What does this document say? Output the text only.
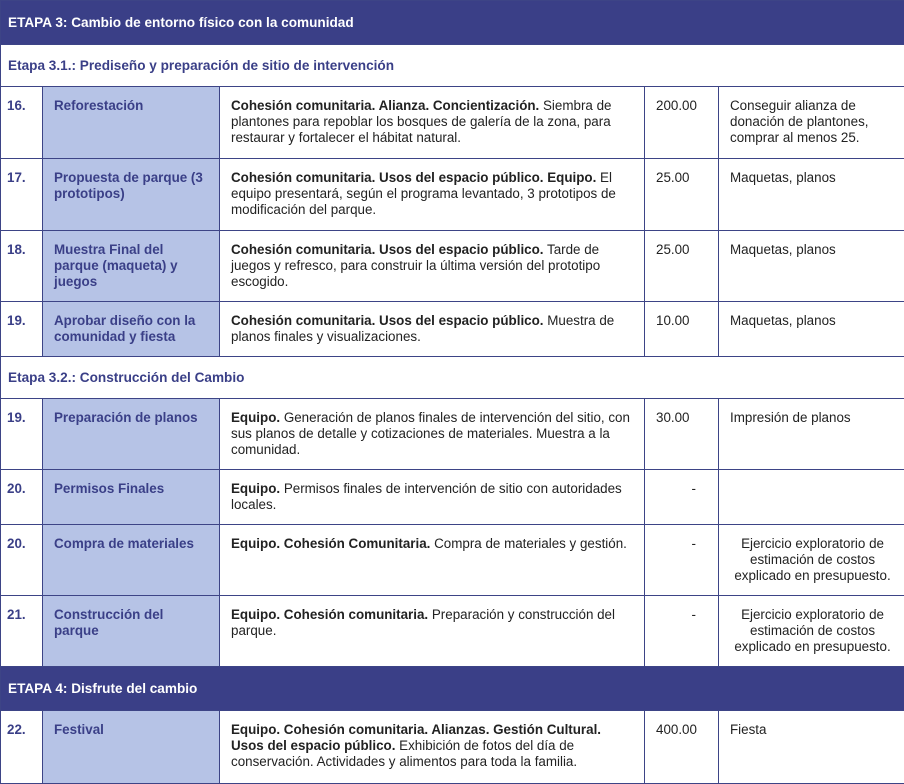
ETAPA 3: Cambio de entorno físico con la comunidad				
Etapa 3.1.: Prediseño y preparación de sitio de intervención				
16.	Reforestación	Cohesión comunitaria. Alianza. Concientización. Siembra de plantones para repoblar los bosques de galería de la zona, para restaurar y fortalecer el hábitat natural.	200.00	Conseguir alianza de donación de plantones, comprar al menos 25.
17.	Propuesta de parque (3 prototipos)	Cohesión comunitaria. Usos del espacio público. Equipo. El equipo presentará, según el programa levantado, 3 prototipos de modificación del parque.	25.00	Maquetas, planos
18.	Muestra Final del parque (maqueta) y juegos	Cohesión comunitaria. Usos del espacio público. Tarde de juegos y refresco, para construir la última versión del prototipo escogido.	25.00	Maquetas, planos
19.	Aprobar diseño con la comunidad y fiesta	Cohesión comunitaria. Usos del espacio público. Muestra de planos finales y visualizaciones.	10.00	Maquetas, planos
Etapa 3.2.: Construcción del Cambio				
19.	Preparación de planos	Equipo. Generación de planos finales de intervención del sitio, con sus planos de detalle y cotizaciones de materiales. Muestra a la comunidad.	30.00	Impresión de planos
20.	Permisos Finales	Equipo. Permisos finales de intervención de sitio con autoridades locales.	-	
20.	Compra de materiales	Equipo. Cohesión Comunitaria. Compra de materiales y gestión.	-	Ejercicio exploratorio de estimación de costos explicado en presupuesto.
21.	Construcción del parque	Equipo. Cohesión comunitaria. Preparación y construcción del parque.	-	Ejercicio exploratorio de estimación de costos explicado en presupuesto.
ETAPA 4: Disfrute del cambio				
22.	Festival	Equipo. Cohesión comunitaria. Alianzas. Gestión Cultural. Usos del espacio público. Exhibición de fotos del día de conservación. Actividades y alimentos para toda la familia.	400.00	Fiesta
